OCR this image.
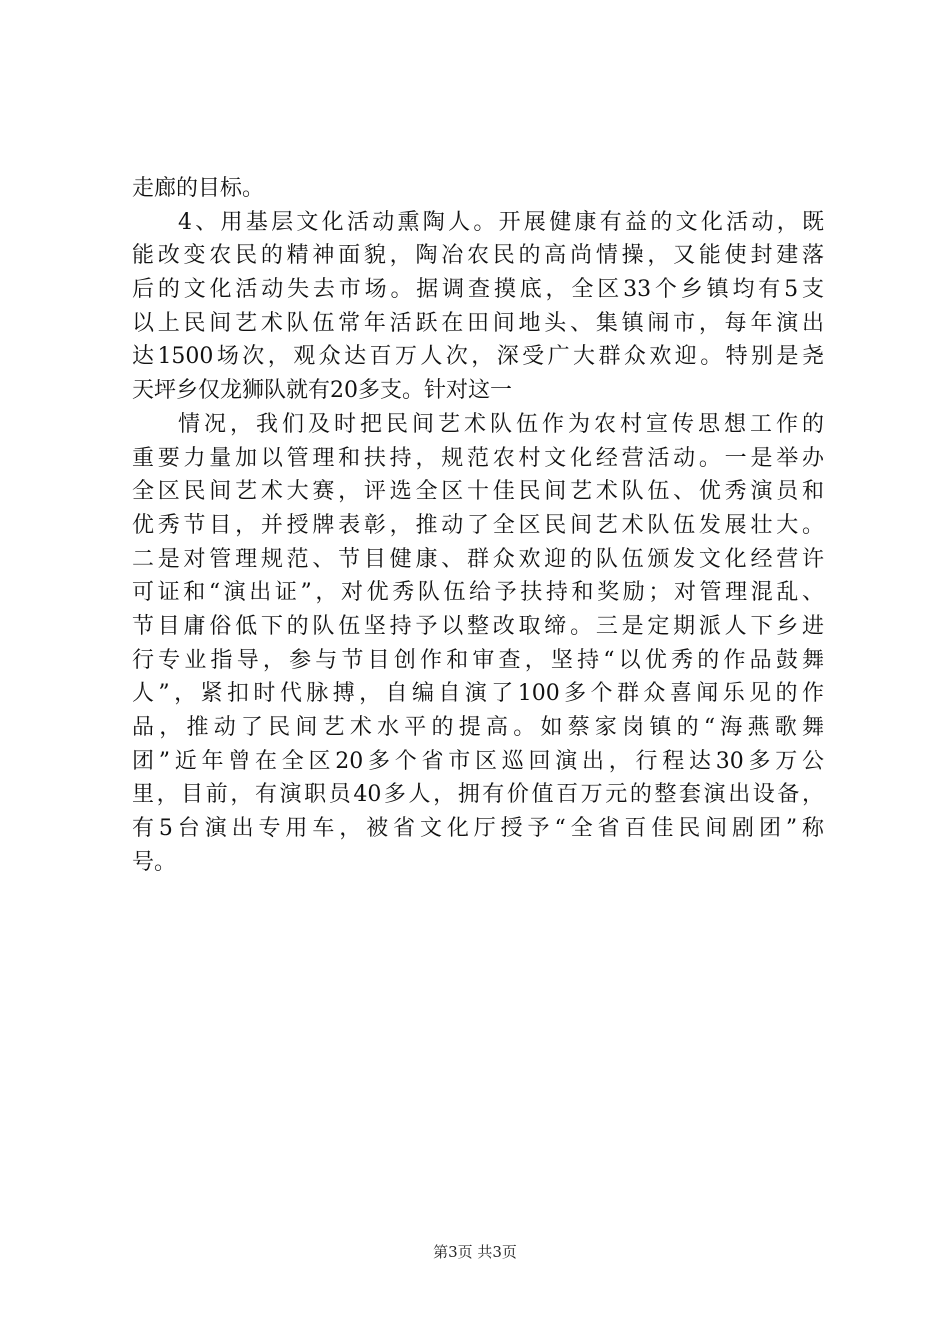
走廊的目标。
4、用基层文化活动熏陶人。开展健康有益的文化活动，既
能改变农民的精神面貌，陶冶农民的高尚情操，又能使封建落
后的文化活动失去市场。据调查摸底，全区33个乡镇均有5支
以上民间艺术队伍常年活跃在田间地头、集镇闹市，每年演出
达1500场次，观众达百万人次，深受广大群众欢迎。特别是尧
天坪乡仅龙狮队就有20多支。针对这一
情况，我们及时把民间艺术队伍作为农村宣传思想工作的
重要力量加以管理和扶持，规范农村文化经营活动。一是举办
全区民间艺术大赛，评选全区十佳民间艺术队伍、优秀演员和
优秀节目，并授牌表彰，推动了全区民间艺术队伍发展壮大。
二是对管理规范、节目健康、群众欢迎的队伍颁发文化经营许
可证和“演出证”，对优秀队伍给予扶持和奖励；对管理混乱、
节目庸俗低下的队伍坚持予以整改取缔。三是定期派人下乡进
行专业指导，参与节目创作和审查，坚持“以优秀的作品鼓舞
人”，紧扣时代脉搏，自编自演了100多个群众喜闻乐见的作
品，推动了民间艺术水平的提高。如蔡家岗镇的“海燕歌舞
团”近年曾在全区20多个省市区巡回演出，行程达30多万公
里，目前，有演职员40多人，拥有价值百万元的整套演出设备，
有5台演出专用车，被省文化厅授予“全省百佳民间剧团”称
号。
第3页 共3页
